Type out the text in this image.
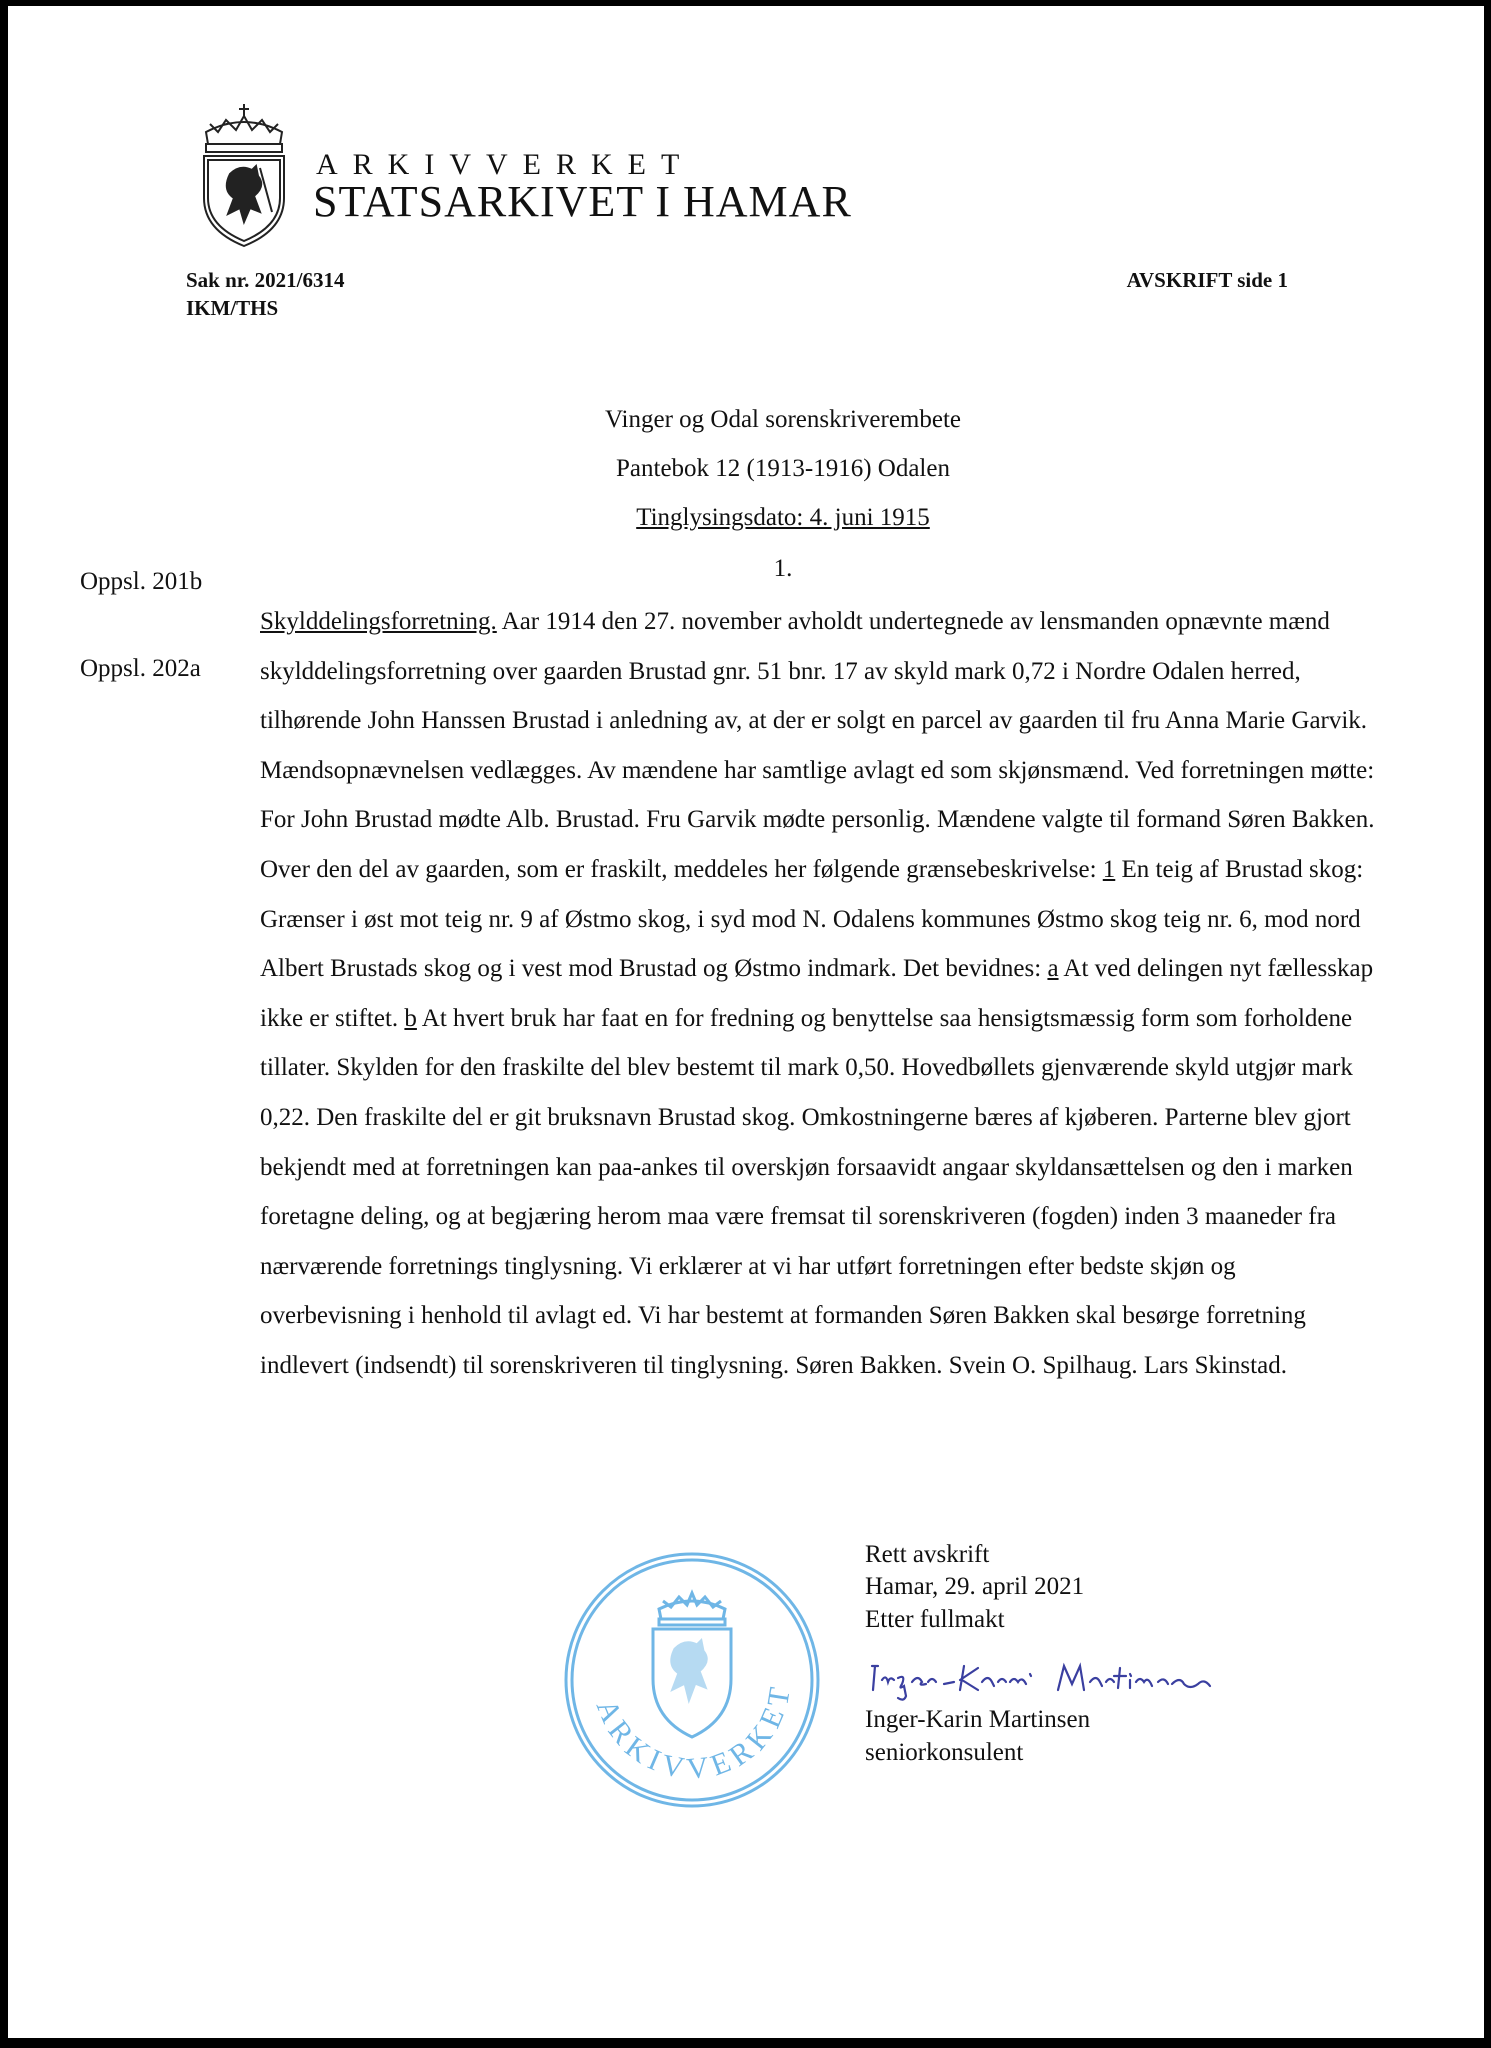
ARKIVVERKET
STATSARKIVET I HAMAR
Sak nr. 2021/6314
IKM/THS
AVSKRIFT side 1
Vinger og Odal sorenskriverembete
Pantebok 12 (1913-1916) Odalen
Tinglysingsdato: 4. juni 1915
1.
Oppsl. 201b
Oppsl. 202a
Skylddelingsforretning. Aar 1914 den 27. november avholdt undertegnede av lensmanden opnævnte mænd skylddelingsforretning over gaarden Brustad gnr. 51 bnr. 17 av skyld mark 0,72 i Nordre Odalen herred, tilhørende John Hanssen Brustad i anledning av, at der er solgt en parcel av gaarden til fru Anna Marie Garvik. Mændsopnævnelsen vedlægges. Av mændene har samtlige avlagt ed som skjønsmænd. Ved forretningen møtte: For John Brustad mødte Alb. Brustad. Fru Garvik mødte personlig. Mændene valgte til formand Søren Bakken. Over den del av gaarden, som er fraskilt, meddeles her følgende grænsebeskrivelse: 1 En teig af Brustad skog: Grænser i øst mot teig nr. 9 af Østmo skog, i syd mod N. Odalens kommunes Østmo skog teig nr. 6, mod nord Albert Brustads skog og i vest mod Brustad og Østmo indmark. Det bevidnes: a At ved delingen nyt fællesskap ikke er stiftet. b At hvert bruk har faat en for fredning og benyttelse saa hensigtsmæssig form som forholdene tillater. Skylden for den fraskilte del blev bestemt til mark 0,50. Hovedbøllets gjenværende skyld utgjør mark 0,22. Den fraskilte del er git bruksnavn Brustad skog. Omkostningerne bæres af kjøberen. Parterne blev gjort bekjendt med at forretningen kan paa-ankes til overskjøn forsaavidt angaar skyldansættelsen og den i marken foretagne deling, og at begjæring herom maa være fremsat til sorenskriveren (fogden) inden 3 maaneder fra nærværende forretnings tinglysning. Vi erklærer at vi har utført forretningen efter bedste skjøn og overbevisning i henhold til avlagt ed. Vi har bestemt at formanden Søren Bakken skal besørge forretning indlevert (indsendt) til sorenskriveren til tinglysning. Søren Bakken. Svein O. Spilhaug. Lars Skinstad.
ARKIVVERKET
Rett avskrift
Hamar, 29. april 2021
Etter fullmakt
Inger-Karin Martinsen
seniorkonsulent
